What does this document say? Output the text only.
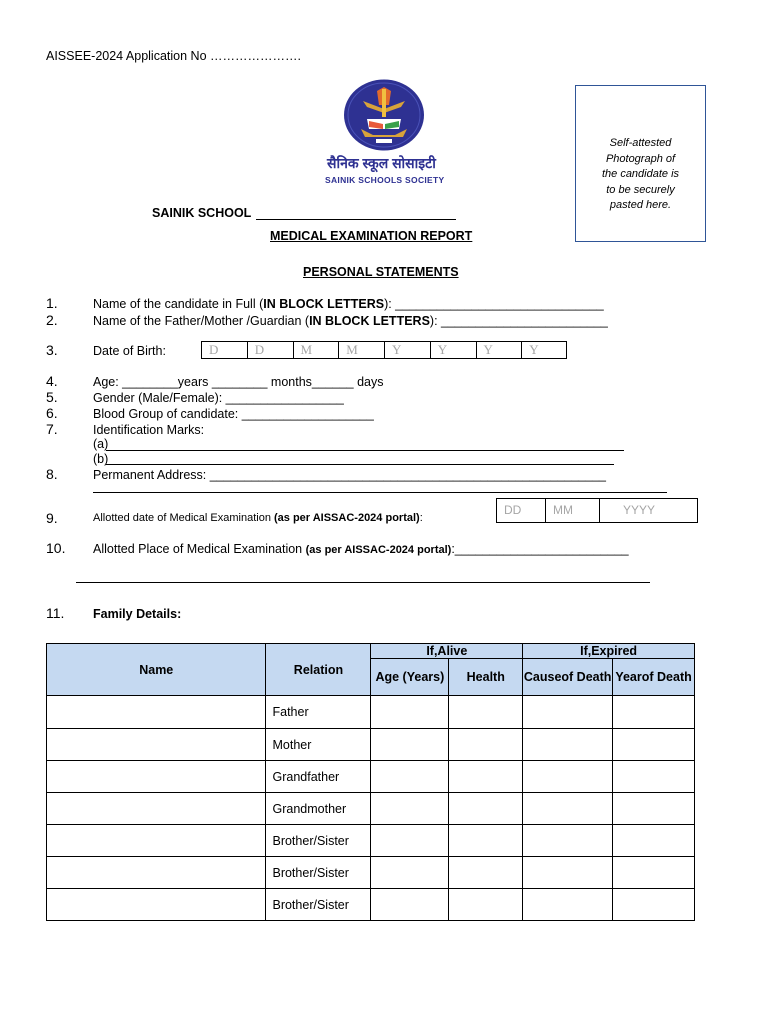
AISSEE-2024 Application No ………………….
सैनिक स्कूल सोसाइटी
SAINIK SCHOOLS SOCIETY
Self-attested
Photograph of
the candidate is
to be securely
pasted here.
SAINIK SCHOOL
MEDICAL EXAMINATION REPORT
PERSONAL STATEMENTS
1.	Name of the candidate in Full (IN BLOCK LETTERS): ______________________________
2.	Name of the Father/Mother /Guardian (IN BLOCK LETTERS): ________________________
3.	Date of Birth:	D	D	M	M	Y	Y	Y	Y
4.	Age: ________years ________ months______ days
5.	Gender (Male/Female): _________________
6.	Blood Group of candidate: ___________________
7.	Identification Marks:
(a)
(b)
8.	Permanent Address: _________________________________________________________
9.	Allotted date of Medical Examination (as per AISSAC-2024 portal):
DD	MM	YYYY
10. Allotted Place of Medical Examination (as per AISSAC-2024 portal):_________________________
11. Family Details:
Name	Relation	If,Alive		If,Expired	
		Age (Years)	Health	Causeof Death	Yearof Death
	Father				
	Mother				
	Grandfather				
	Grandmother				
	Brother/Sister				
	Brother/Sister				
	Brother/Sister				
